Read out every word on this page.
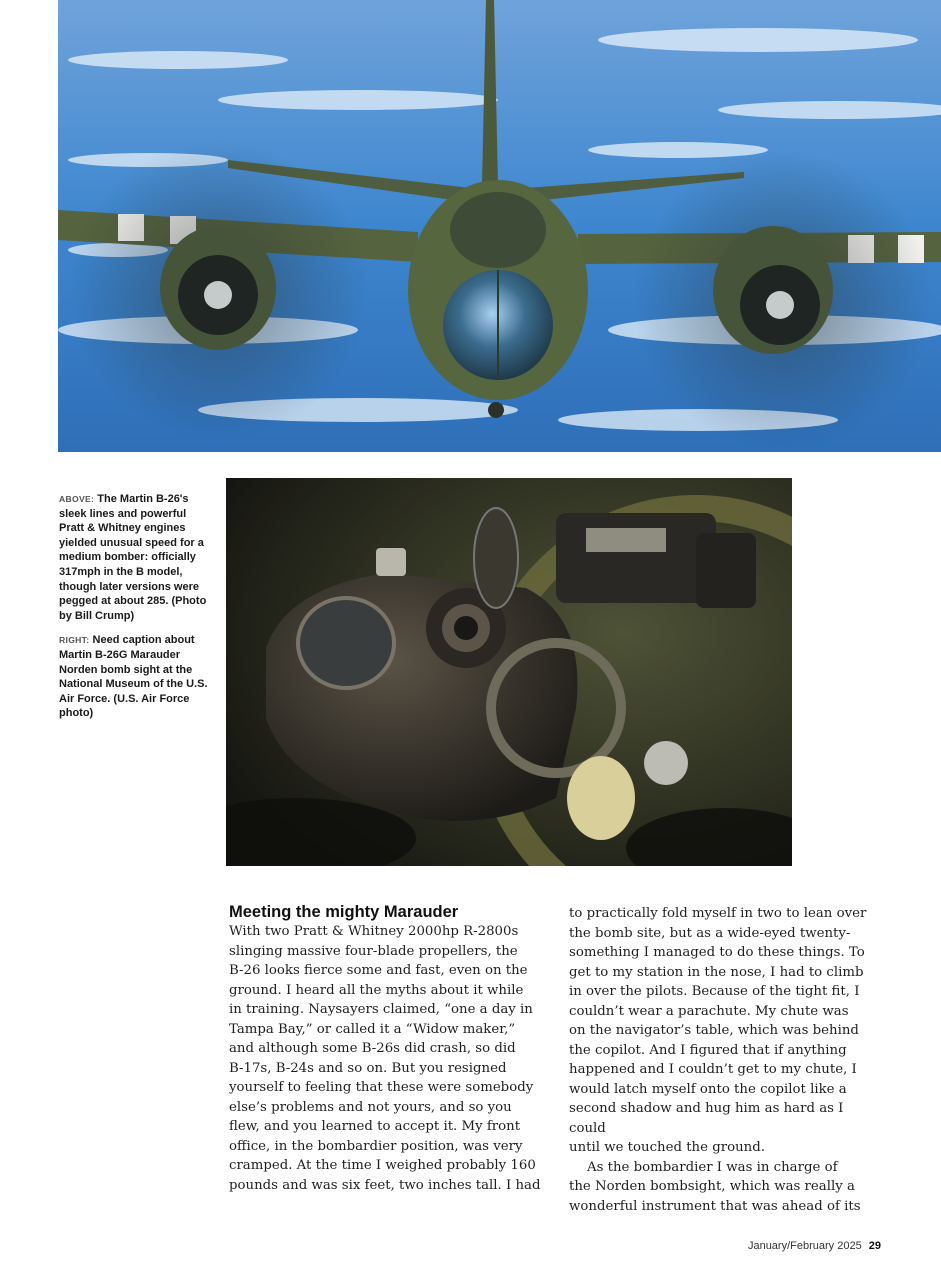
ABOVE: The Martin B-26's sleek lines and powerful Pratt & Whitney engines yielded unusual speed for a medium bomber: officially 317mph in the B model, though later versions were pegged at about 285. (Photo by Bill Crump)

RIGHT: Need caption about Martin B-26G Marauder Norden bomb sight at the National Museum of the U.S. Air Force. (U.S. Air Force photo)

Meeting the mighty Marauder

With two Pratt & Whitney 2000hp R-2800s
slinging massive four-blade propellers, the
B-26 looks fierce some and fast, even on the
ground. I heard all the myths about it while
in training. Naysayers claimed, “one a day in
Tampa Bay,” or called it a “Widow maker,”
and although some B-26s did crash, so did
B-17s, B-24s and so on. But you resigned
yourself to feeling that these were somebody
else’s problems and not yours, and so you
flew, and you learned to accept it. My front
office, in the bombardier position, was very
cramped. At the time I weighed probably 160
pounds and was six feet, two inches tall. I had
to practically fold myself in two to lean over
the bomb site, but as a wide-eyed twenty-
something I managed to do these things. To
get to my station in the nose, I had to climb
in over the pilots. Because of the tight fit, I
couldn’t wear a parachute. My chute was
on the navigator’s table, which was behind
the copilot. And I figured that if anything
happened and I couldn’t get to my chute, I
would latch myself onto the copilot like a
second shadow and hug him as hard as I could
until we touched the ground.
As the bombardier I was in charge of
the Norden bombsight, which was really a
wonderful instrument that was ahead of its
January/February 2025 29
